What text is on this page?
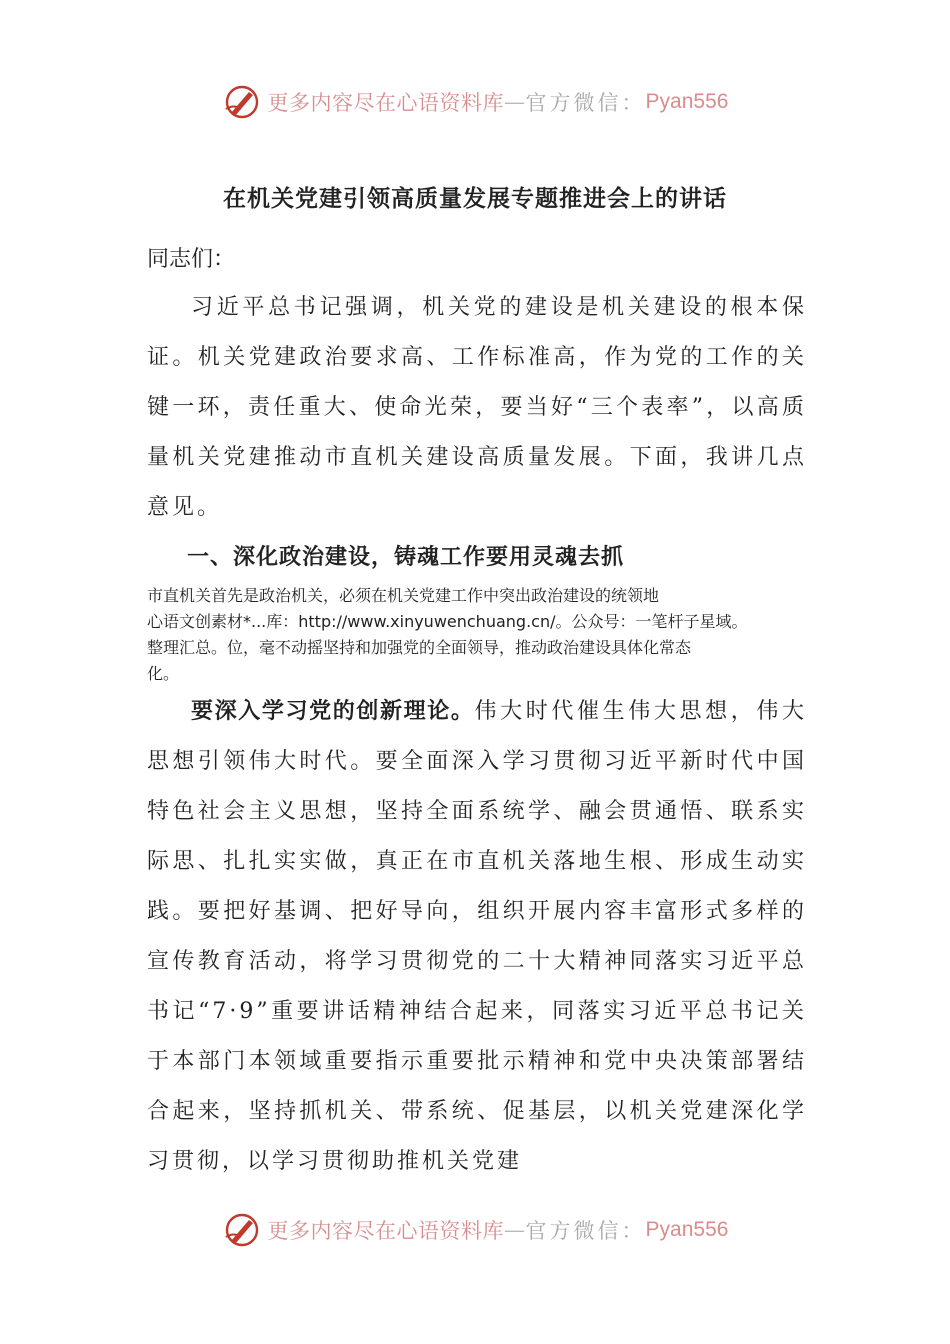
更多内容尽在心语资料库 — 官方微信： Pyan556
在机关党建引领高质量发展专题推进会上的讲话
同志们：
习近平总书记强调，机关党的建设是机关建设的根本保证。机关党建政治要求高、工作标准高，作为党的工作的关键一环，责任重大、使命光荣，要当好“三个表率”，以高质量机关党建推动市直机关建设高质量发展。下面，我讲几点意见。
一、深化政治建设，铸魂工作要用灵魂去抓
市直机关首先是政治机关，必须在机关党建工作中突出政治建设的统领地
心语文创素材*...库：http://www.xinyuwenchuang.cn/。公众号：一笔杆子星域。
整理汇总。位，毫不动摇坚持和加强党的全面领导，推动政治建设具体化常态
化。
要深入学习党的创新理论。伟大时代催生伟大思想，伟大思想引领伟大时代。要全面深入学习贯彻习近平新时代中国特色社会主义思想，坚持全面系统学、融会贯通悟、联系实际思、扎扎实实做，真正在市直机关落地生根、形成生动实践。要把好基调、把好导向，组织开展内容丰富形式多样的宣传教育活动，将学习贯彻党的二十大精神同落实习近平总书记“7·9”重要讲话精神结合起来，同落实习近平总书记关于本部门本领域重要指示重要批示精神和党中央决策部署结合起来，坚持抓机关、带系统、促基层，以机关党建深化学习贯彻，以学习贯彻助推机关党建
更多内容尽在心语资料库 — 官方微信： Pyan556
